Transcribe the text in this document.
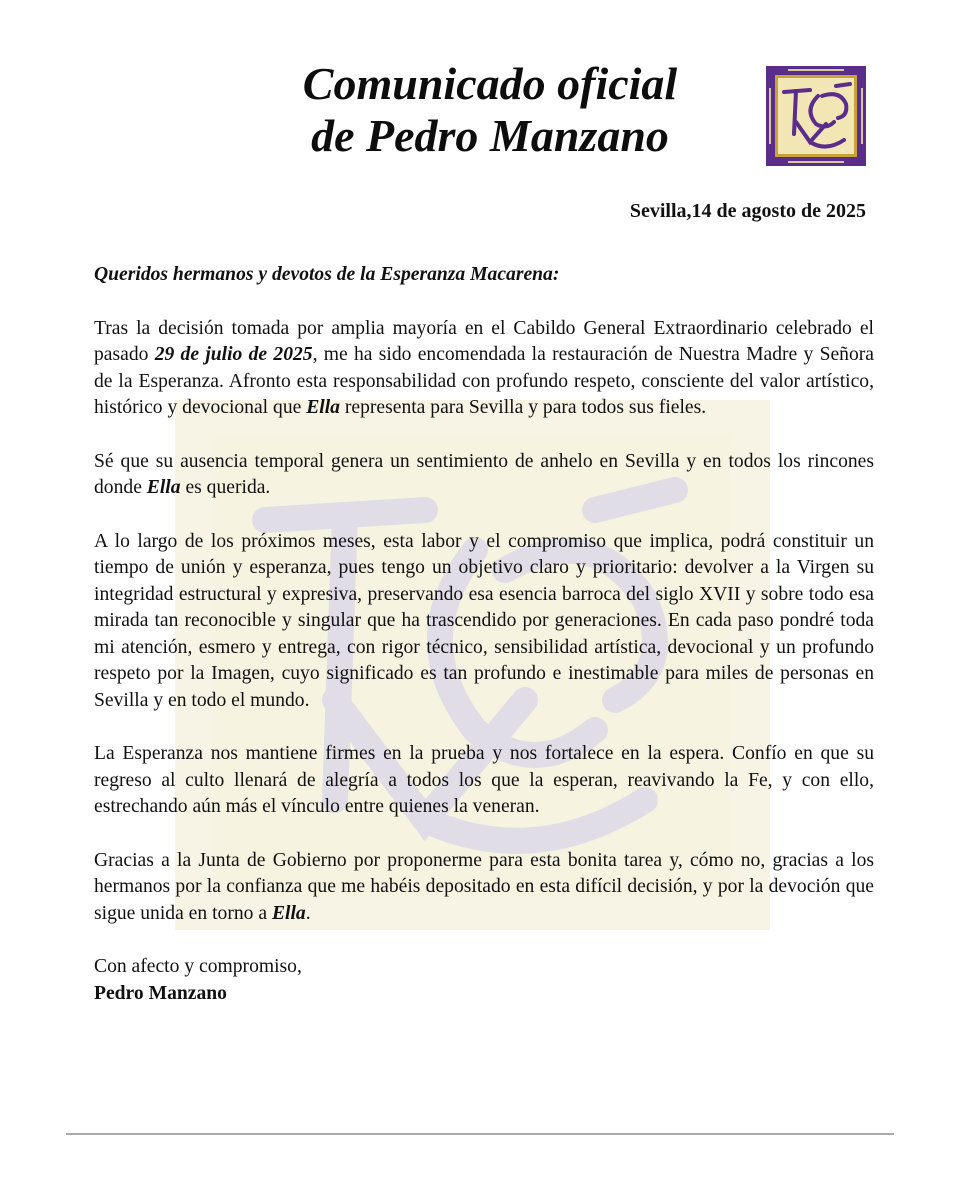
Comunicado oficial
de Pedro Manzano
Sevilla,14 de agosto de 2025

Queridos hermanos y devotos de la Esperanza Macarena:

Tras la decisión tomada por amplia mayoría en el Cabildo General Extraordinario celebrado el pasado 29 de julio de 2025, me ha sido encomendada la restauración de Nuestra Madre y Señora de la Esperanza. Afronto esta responsabilidad con profundo respeto, consciente del valor artístico, histórico y devocional que Ella representa para Sevilla y para todos sus fieles.

Sé que su ausencia temporal genera un sentimiento de anhelo en Sevilla y en todos los rincones donde Ella es querida.

A lo largo de los próximos meses, esta labor y el compromiso que implica, podrá constituir un tiempo de unión y esperanza, pues tengo un objetivo claro y prioritario: devolver a la Virgen su integridad estructural y expresiva, preservando esa esencia barroca del siglo XVII y sobre todo esa mirada tan reconocible y singular que ha trascendido por generaciones. En cada paso pondré toda mi atención, esmero y entrega, con rigor técnico, sensibilidad artística, devocional y un profundo respeto por la Imagen, cuyo significado es tan profundo e inestimable para miles de personas en Sevilla y en todo el mundo.

La Esperanza nos mantiene firmes en la prueba y nos fortalece en la espera. Confío en que su regreso al culto llenará de alegría a todos los que la esperan, reavivando la Fe, y con ello, estrechando aún más el vínculo entre quienes la veneran.

Gracias a la Junta de Gobierno por proponerme para esta bonita tarea y, cómo no, gracias a los hermanos por la confianza que me habéis depositado en esta difícil decisión, y por la devoción que sigue unida en torno a Ella.

Con afecto y compromiso,

Pedro Manzano
